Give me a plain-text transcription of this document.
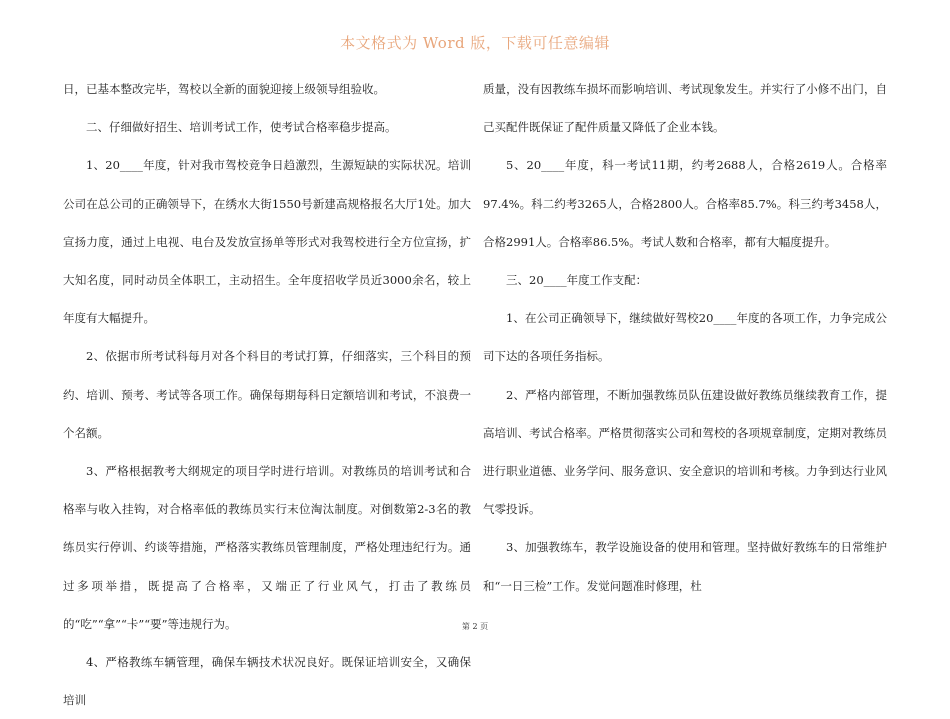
本文格式为 Word 版，下载可任意编辑

日，已基本整改完毕，驾校以全新的面貌迎接上级领导组验收。

二、仔细做好招生、培训考试工作，使考试合格率稳步提高。

1、20____年度，针对我市驾校竞争日趋激烈，生源短缺的实际状况。培训公司在总公司的正确领导下，在绣水大街1550号新建高规格报名大厅1处。加大宣扬力度，通过上电视、电台及发放宣扬单等形式对我驾校进行全方位宣扬，扩大知名度，同时动员全体职工，主动招生。全年度招收学员近3000余名，较上年度有大幅提升。

2、依据市所考试科每月对各个科目的考试打算，仔细落实，三个科目的预约、培训、预考、考试等各项工作。确保每期每科日定额培训和考试，不浪费一个名额。

3、严格根据教考大纲规定的项目学时进行培训。对教练员的培训考试和合格率与收入挂钩，对合格率低的教练员实行末位淘汰制度。对倒数第2-3名的教练员实行停训、约谈等措施，严格落实教练员管理制度，严格处理违纪行为。通过多项举措，既提高了合格率，又端正了行业风气，打击了教练员的“吃”“拿”“卡”“要”等违规行为。

4、严格教练车辆管理，确保车辆技术状况良好。既保证培训安全，又确保培训

质量，没有因教练车损坏而影响培训、考试现象发生。并实行了小修不出门，自己买配件既保证了配件质量又降低了企业本钱。

5、20____年度，科一考试11期，约考2688人，合格2619人。合格率97.4%。科二约考3265人，合格2800人。合格率85.7%。科三约考3458人，合格2991人。合格率86.5%。考试人数和合格率，都有大幅度提升。

三、20____年度工作支配：

1、在公司正确领导下，继续做好驾校20____年度的各项工作，力争完成公司下达的各项任务指标。

2、严格内部管理，不断加强教练员队伍建设做好教练员继续教育工作，提高培训、考试合格率。严格贯彻落实公司和驾校的各项规章制度，定期对教练员进行职业道德、业务学问、服务意识、安全意识的培训和考核。力争到达行业风气零投诉。

3、加强教练车，教学设施设备的使用和管理。坚持做好教练车的日常维护和“一日三检”工作。发觉问题准时修理，杜

第 2 页
